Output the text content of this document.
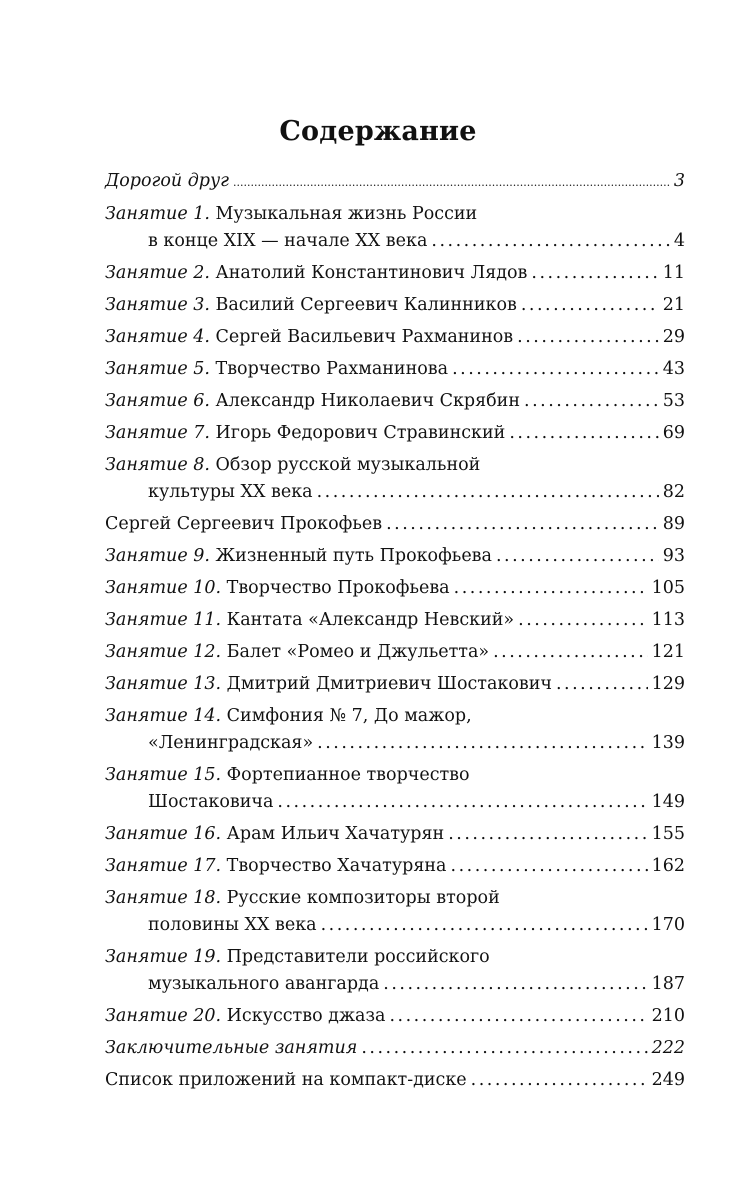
Содержание
Дорогой друг .....	3
Занятие 1. Музыкальная жизнь России
в конце XIX — начале XX века .....	4
Занятие 2. Анатолий Константинович Лядов .....	11
Занятие 3. Василий Сергеевич Калинников .....	21
Занятие 4. Сергей Васильевич Рахманинов .....	29
Занятие 5. Творчество Рахманинова .....	43
Занятие 6. Александр Николаевич Скрябин .....	53
Занятие 7. Игорь Федорович Стравинский .....	69
Занятие 8. Обзор русской музыкальной
культуры XX века .....	82
Сергей Сергеевич Прокофьев .....	89
Занятие 9. Жизненный путь Прокофьева .....	93
Занятие 10. Творчество Прокофьева .....	105
Занятие 11. Кантата «Александр Невский» .....	113
Занятие 12. Балет «Ромео и Джульетта» .....	121
Занятие 13. Дмитрий Дмитриевич Шостакович .....	129
Занятие 14. Симфония № 7, До мажор,
«Ленинградская» .....	139
Занятие 15. Фортепианное творчество
Шостаковича .....	149
Занятие 16. Арам Ильич Хачатурян .....	155
Занятие 17. Творчество Хачатуряна .....	162
Занятие 18. Русские композиторы второй
половины XX века .....	170
Занятие 19. Представители российского
музыкального авангарда .....	187
Занятие 20. Искусство джаза .....	210
Заключительные занятия .....	222
Список приложений на компакт-диске .....	249
